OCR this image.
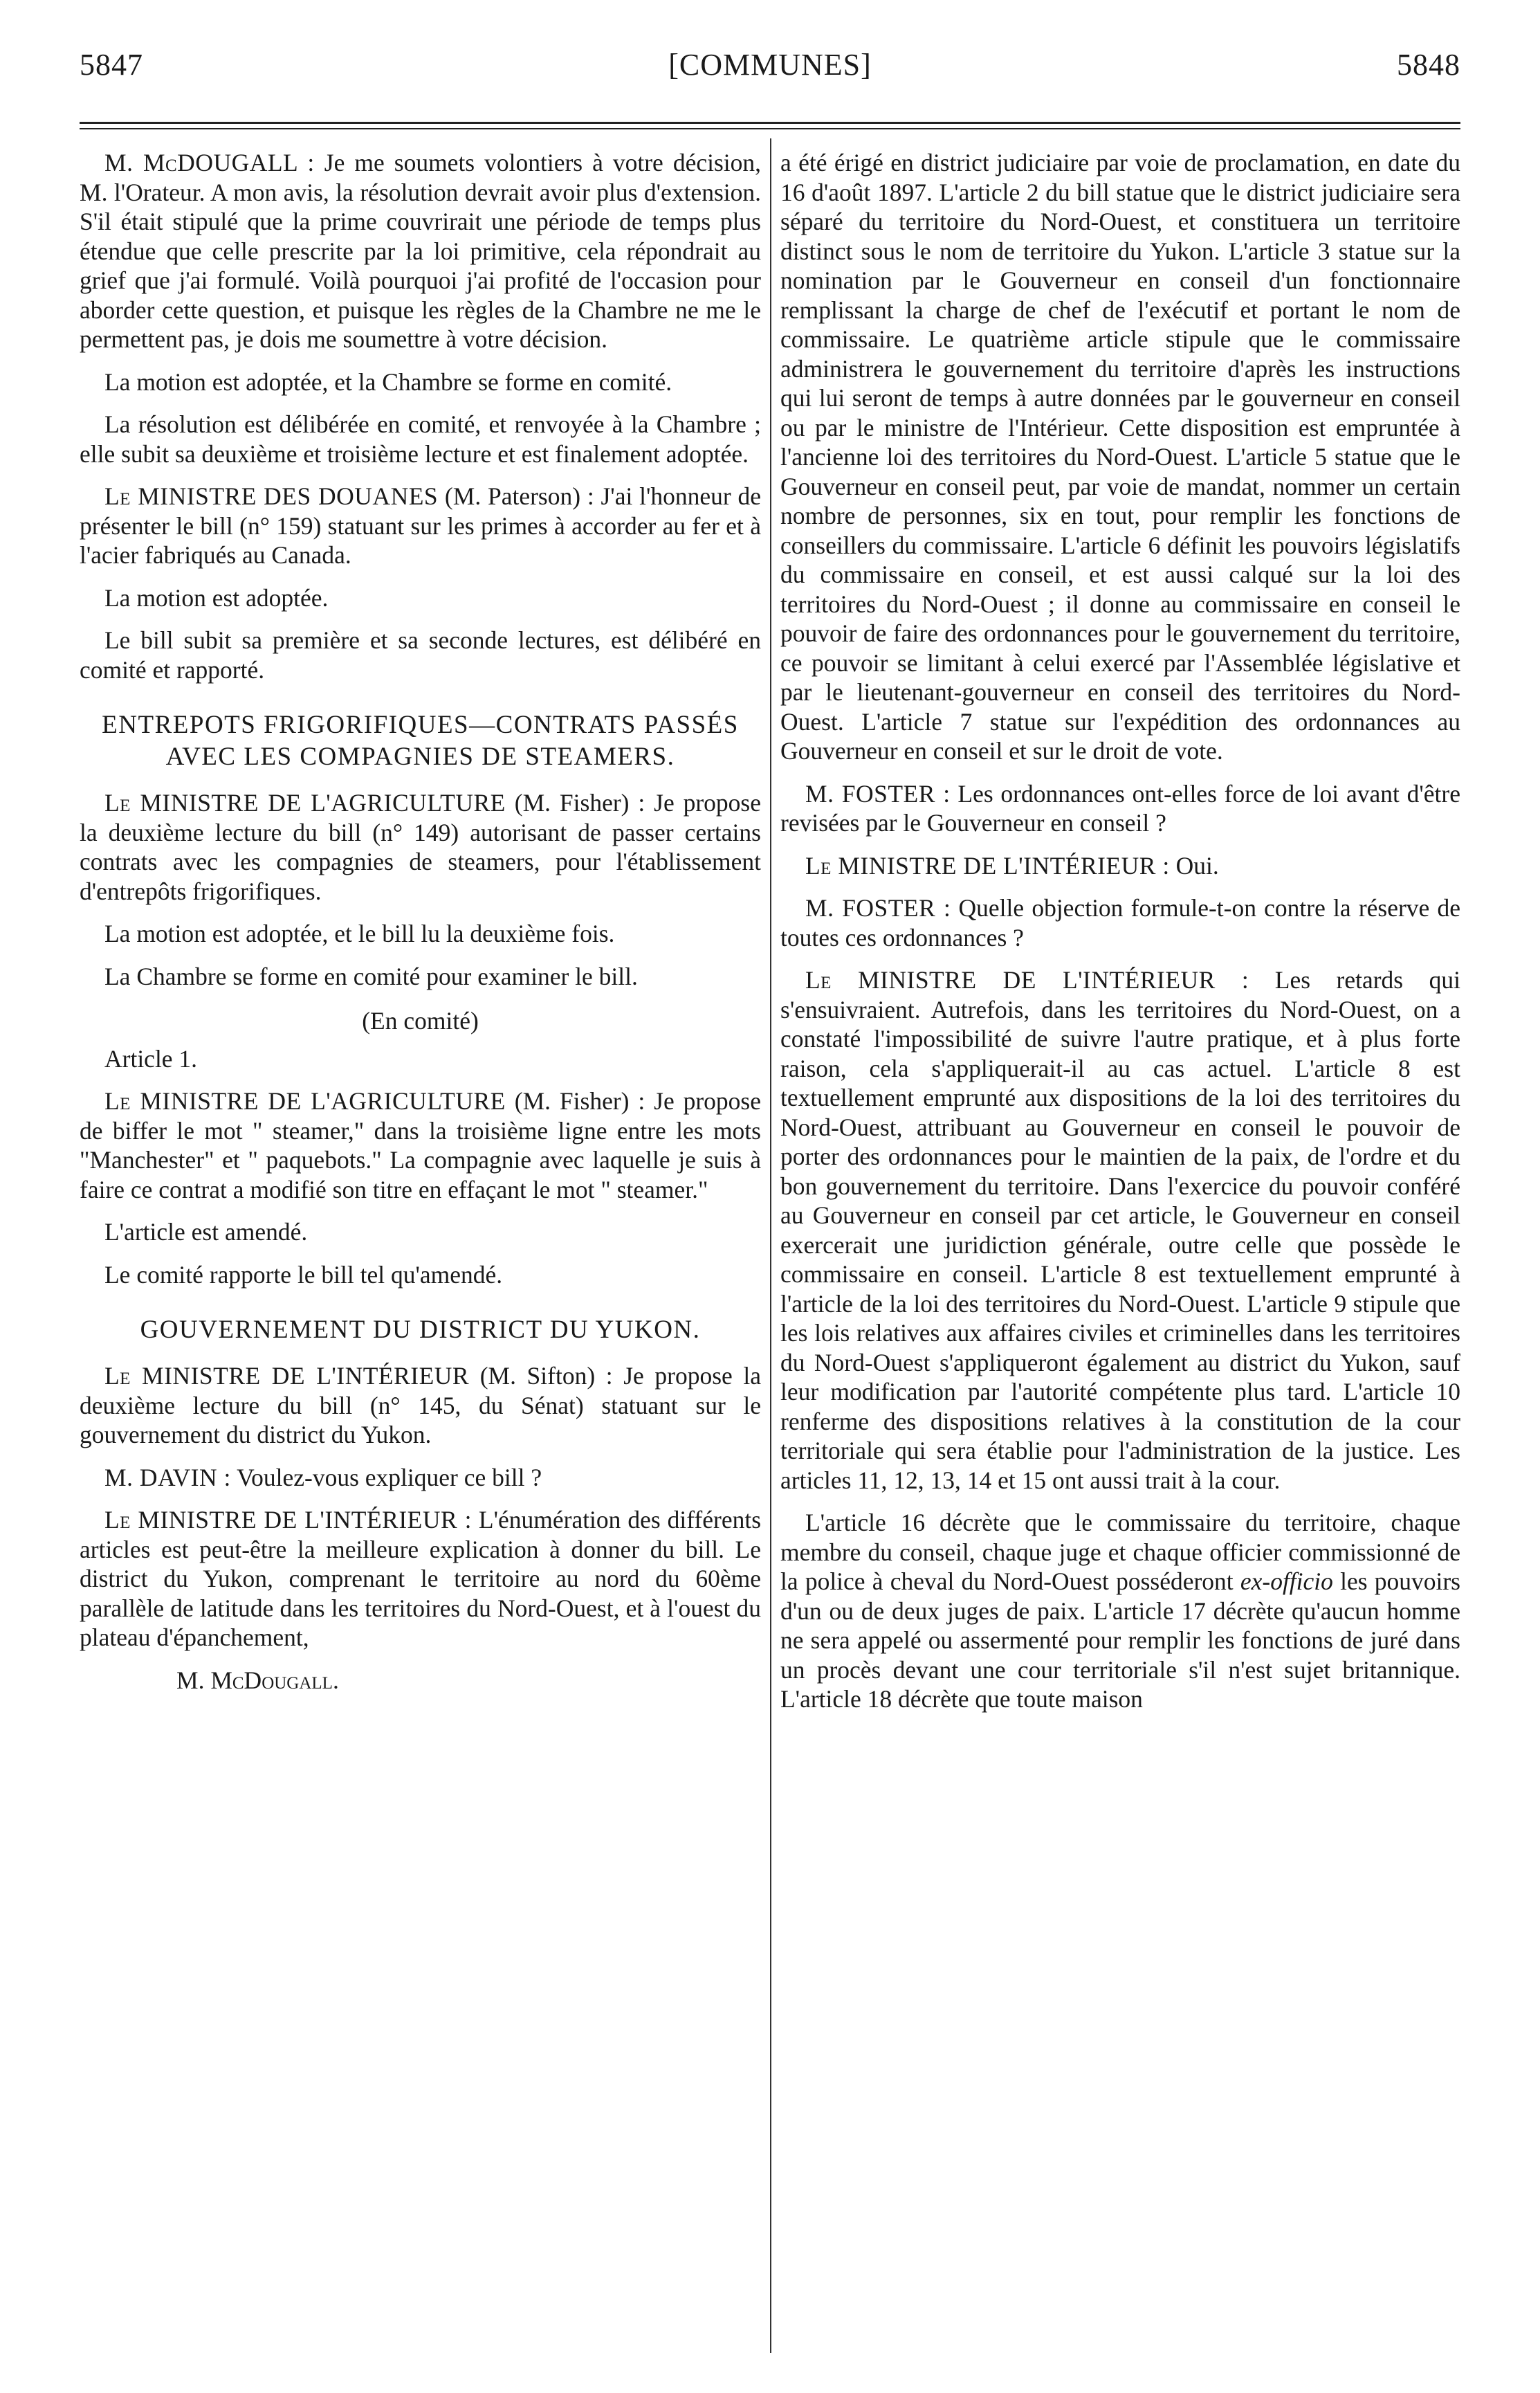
5847	[COMMUNES]	5848

M. McDOUGALL : Je me soumets volontiers à votre décision, M. l'Orateur. A mon avis, la résolution devrait avoir plus d'extension. S'il était stipulé que la prime couvrirait une période de temps plus étendue que celle prescrite par la loi primitive, cela répondrait au grief que j'ai formulé. Voilà pourquoi j'ai profité de l'occasion pour aborder cette question, et puisque les règles de la Chambre ne me le permettent pas, je dois me soumettre à votre décision.

La motion est adoptée, et la Chambre se forme en comité.

La résolution est délibérée en comité, et renvoyée à la Chambre ; elle subit sa deuxième et troisième lecture et est finalement adoptée.

Le MINISTRE DES DOUANES (M. Paterson) : J'ai l'honneur de présenter le bill (n° 159) statuant sur les primes à accorder au fer et à l'acier fabriqués au Canada.

La motion est adoptée.

Le bill subit sa première et sa seconde lectures, est délibéré en comité et rapporté.

ENTREPOTS FRIGORIFIQUES—CONTRATS PASSÉS AVEC LES COMPAGNIES DE STEAMERS.

Le MINISTRE DE L'AGRICULTURE (M. Fisher) : Je propose la deuxième lecture du bill (n° 149) autorisant de passer certains contrats avec les compagnies de steamers, pour l'établissement d'entrepôts frigorifiques.

La motion est adoptée, et le bill lu la deuxième fois.

La Chambre se forme en comité pour examiner le bill.

(En comité)

Article 1.

Le MINISTRE DE L'AGRICULTURE (M. Fisher) : Je propose de biffer le mot " steamer," dans la troisième ligne entre les mots "Manchester" et " paquebots." La compagnie avec laquelle je suis à faire ce contrat a modifié son titre en effaçant le mot " steamer."

L'article est amendé.

Le comité rapporte le bill tel qu'amendé.

GOUVERNEMENT DU DISTRICT DU YUKON.

Le MINISTRE DE L'INTÉRIEUR (M. Sifton) : Je propose la deuxième lecture du bill (n° 145, du Sénat) statuant sur le gouvernement du district du Yukon.

M. DAVIN : Voulez-vous expliquer ce bill ?

Le MINISTRE DE L'INTÉRIEUR : L'énumération des différents articles est peut-être la meilleure explication à donner du bill. Le district du Yukon, comprenant le territoire au nord du 60ème parallèle de latitude dans les territoires du Nord-Ouest, et à l'ouest du plateau d'épanchement,

M. McDougall.

a été érigé en district judiciaire par voie de proclamation, en date du 16 d'août 1897. L'article 2 du bill statue que le district judiciaire sera séparé du territoire du Nord-Ouest, et constituera un territoire distinct sous le nom de territoire du Yukon. L'article 3 statue sur la nomination par le Gouverneur en conseil d'un fonctionnaire remplissant la charge de chef de l'exécutif et portant le nom de commissaire. Le quatrième article stipule que le commissaire administrera le gouvernement du territoire d'après les instructions qui lui seront de temps à autre données par le gouverneur en conseil ou par le ministre de l'Intérieur. Cette disposition est empruntée à l'ancienne loi des territoires du Nord-Ouest. L'article 5 statue que le Gouverneur en conseil peut, par voie de mandat, nommer un certain nombre de personnes, six en tout, pour remplir les fonctions de conseillers du commissaire. L'article 6 définit les pouvoirs législatifs du commissaire en conseil, et est aussi calqué sur la loi des territoires du Nord-Ouest ; il donne au commissaire en conseil le pouvoir de faire des ordonnances pour le gouvernement du territoire, ce pouvoir se limitant à celui exercé par l'Assemblée législative et par le lieutenant-gouverneur en conseil des territoires du Nord-Ouest. L'article 7 statue sur l'expédition des ordonnances au Gouverneur en conseil et sur le droit de vote.

M. FOSTER : Les ordonnances ont-elles force de loi avant d'être revisées par le Gouverneur en conseil ?

Le MINISTRE DE L'INTÉRIEUR : Oui.

M. FOSTER : Quelle objection formule-t-on contre la réserve de toutes ces ordonnances ?

Le MINISTRE DE L'INTÉRIEUR : Les retards qui s'ensuivraient. Autrefois, dans les territoires du Nord-Ouest, on a constaté l'impossibilité de suivre l'autre pratique, et à plus forte raison, cela s'appliquerait-il au cas actuel. L'article 8 est textuellement emprunté aux dispositions de la loi des territoires du Nord-Ouest, attribuant au Gouverneur en conseil le pouvoir de porter des ordonnances pour le maintien de la paix, de l'ordre et du bon gouvernement du territoire. Dans l'exercice du pouvoir conféré au Gouverneur en conseil par cet article, le Gouverneur en conseil exercerait une juridiction générale, outre celle que possède le commissaire en conseil. L'article 8 est textuellement emprunté à l'article de la loi des territoires du Nord-Ouest. L'article 9 stipule que les lois relatives aux affaires civiles et criminelles dans les territoires du Nord-Ouest s'appliqueront également au district du Yukon, sauf leur modification par l'autorité compétente plus tard. L'article 10 renferme des dispositions relatives à la constitution de la cour territoriale qui sera établie pour l'administration de la justice. Les articles 11, 12, 13, 14 et 15 ont aussi trait à la cour.

L'article 16 décrète que le commissaire du territoire, chaque membre du conseil, chaque juge et chaque officier commissionné de la police à cheval du Nord-Ouest posséderont ex-officio les pouvoirs d'un ou de deux juges de paix. L'article 17 décrète qu'aucun homme ne sera appelé ou assermenté pour remplir les fonctions de juré dans un procès devant une cour territoriale s'il n'est sujet britannique. L'article 18 décrète que toute maison
